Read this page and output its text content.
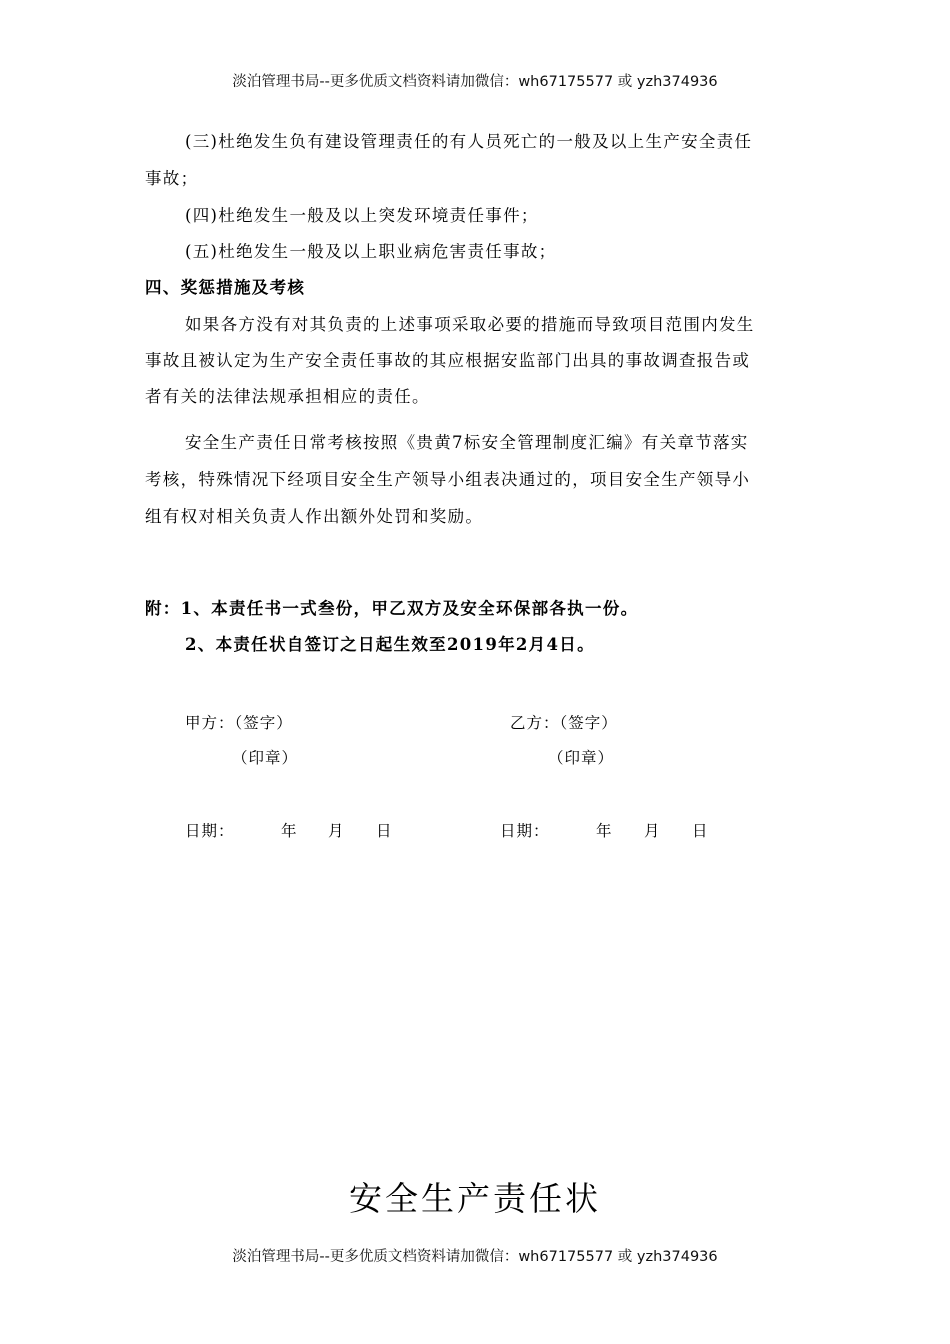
淡泊管理书局--更多优质文档资料请加微信：wh67175577 或 yzh374936
(三)杜绝发生负有建设管理责任的有人员死亡的一般及以上生产安全责任
事故；
(四)杜绝发生一般及以上突发环境责任事件；
(五)杜绝发生一般及以上职业病危害责任事故；
四、奖惩措施及考核
如果各方没有对其负责的上述事项采取必要的措施而导致项目范围内发生
事故且被认定为生产安全责任事故的其应根据安监部门出具的事故调查报告或
者有关的法律法规承担相应的责任。
安全生产责任日常考核按照《贵黄7标安全管理制度汇编》有关章节落实
考核，特殊情况下经项目安全生产领导小组表决通过的，项目安全生产领导小
组有权对相关负责人作出额外处罚和奖励。
附：1、本责任书一式叁份，甲乙双方及安全环保部各执一份。
2、本责任状自签订之日起生效至2019年2月4日。
甲方：（签字）
（印章）
乙方：（签字）
（印章）
日期：	年 月 日	日期：	年 月 日
安全生产责任状
淡泊管理书局--更多优质文档资料请加微信：wh67175577 或 yzh374936
